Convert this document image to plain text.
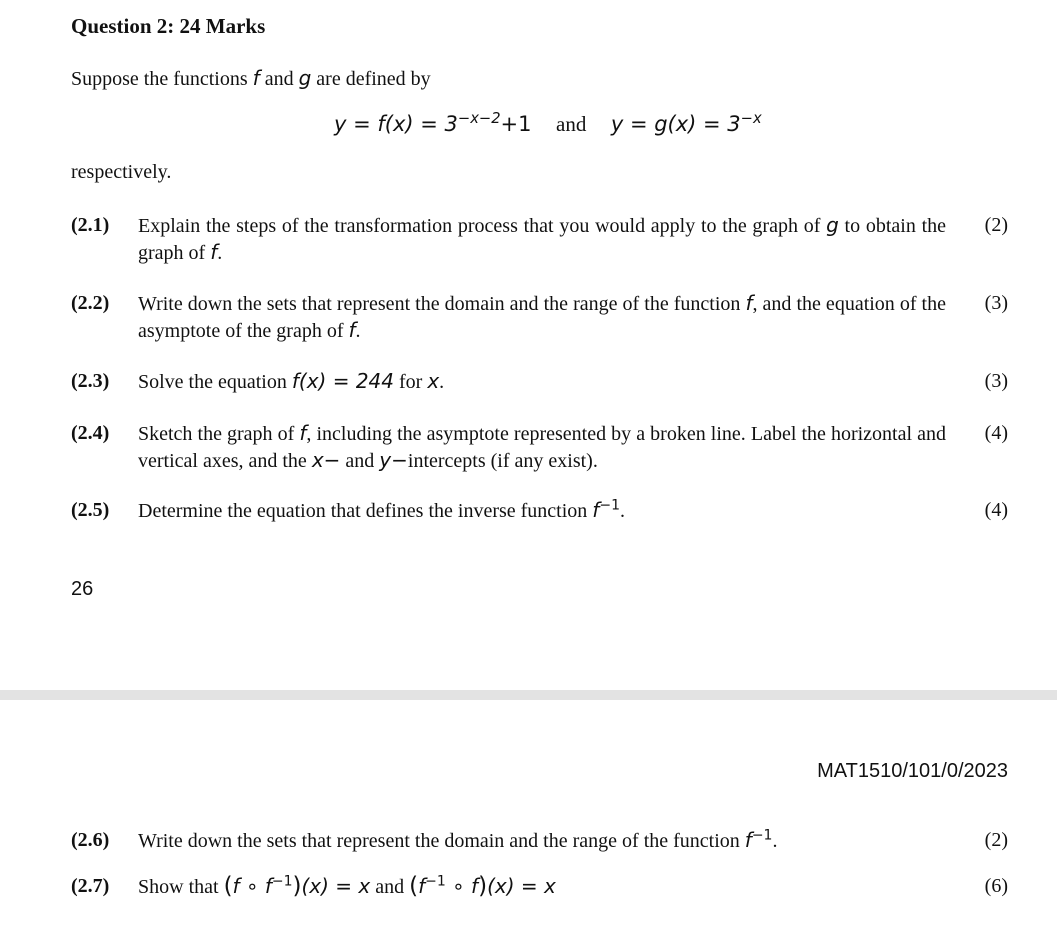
Question 2: 24 Marks
Suppose the functions f and g are defined by
$y = f(x) = 3^{-x-2}+1$ and $y = g(x) = 3^{-x}$
respectively.
(2.1) Explain the steps of the transformation process that you would apply to the graph of g to obtain the graph of f.
(2)
(2.2) Write down the sets that represent the domain and the range of the function f, and the equation of the asymptote of the graph of f.
(3)
(2.3) Solve the equation f(x) = 244 for x.	(3)
(2.4) Sketch the graph of f, including the asymptote represented by a broken line. Label the horizontal and vertical axes, and the x− and y−intercepts (if any exist).
(4)
(2.5) Determine the equation that defines the inverse function $f^{-1}$.	(4)
26
MAT1510/101/0/2023
(2.6) Write down the sets that represent the domain and the range of the function $f^{-1}$.	(2)
(2.7) Show that (f ∘ $f^{-1})(x) = x$ and ($f^{-1}$ ∘ f)(x) = x	(6)
